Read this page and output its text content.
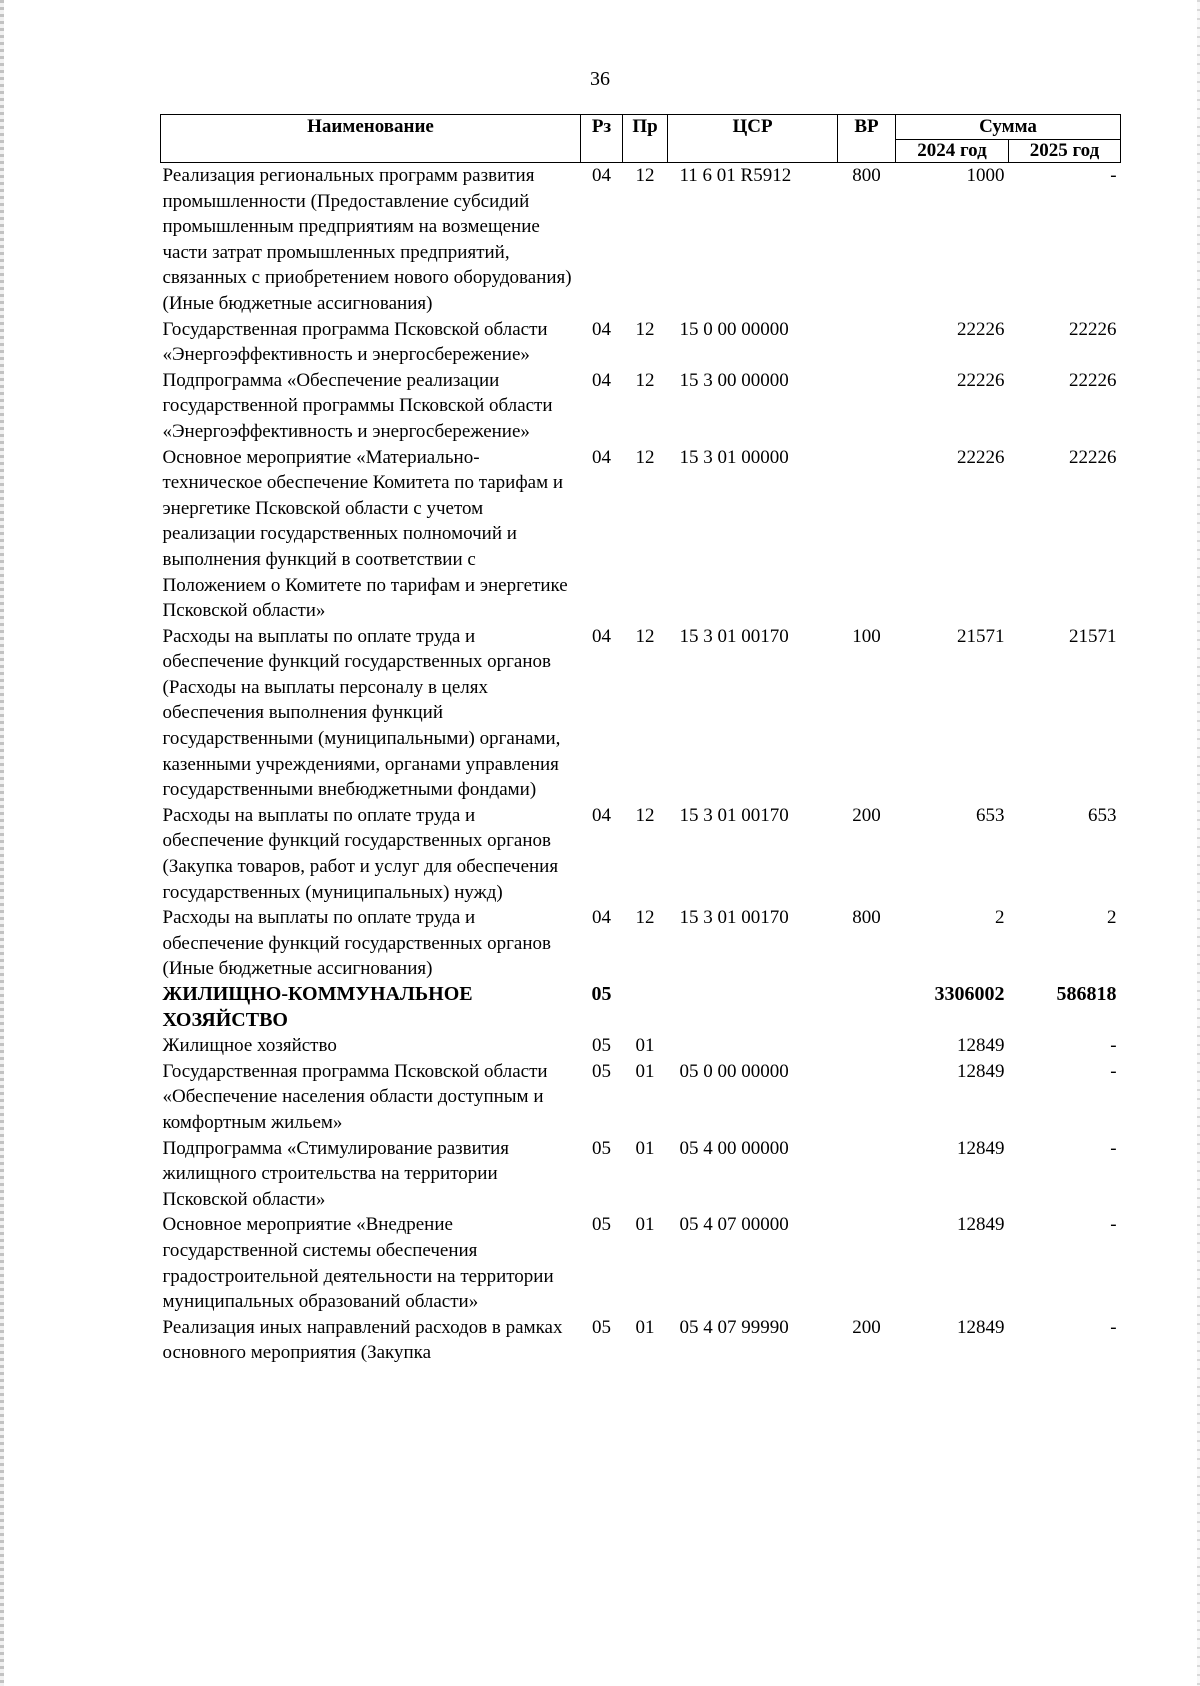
36
Наименование	Рз	Пр	ЦСР	ВР	Сумма	
					2024 год	2025 год
Реализация региональных программ развития промышленности (Предоставление субсидий промышленным предприятиям на возмещение части затрат промышленных предприятий, связанных с приобретением нового оборудования) (Иные бюджетные ассигнования)	04	12	11 6 01 R5912	800	1000	-
Государственная программа Псковской области «Энергоэффективность и энергосбережение»	04	12	15 0 00 00000		22226	22226
Подпрограмма «Обеспечение реализации государственной программы Псковской области «Энергоэффективность и энергосбережение»	04	12	15 3 00 00000		22226	22226
Основное мероприятие «Материально-техническое обеспечение Комитета по тарифам и энергетике Псковской области с учетом реализации государственных полномочий и выполнения функций в соответствии с Положением о Комитете по тарифам и энергетике Псковской области»	04	12	15 3 01 00000		22226	22226
Расходы на выплаты по оплате труда и обеспечение функций государственных органов (Расходы на выплаты персоналу в целях обеспечения выполнения функций государственными (муниципальными) органами, казенными учреждениями, органами управления государственными внебюджетными фондами)	04	12	15 3 01 00170	100	21571	21571
Расходы на выплаты по оплате труда и обеспечение функций государственных органов (Закупка товаров, работ и услуг для обеспечения государственных (муниципальных) нужд)	04	12	15 3 01 00170	200	653	653
Расходы на выплаты по оплате труда и обеспечение функций государственных органов (Иные бюджетные ассигнования)	04	12	15 3 01 00170	800	2	2
ЖИЛИЩНО-КОММУНАЛЬНОЕ ХОЗЯЙСТВО	05				3306002	586818
Жилищное хозяйство	05	01			12849	-
Государственная программа Псковской области «Обеспечение населения области доступным и комфортным жильем»	05	01	05 0 00 00000		12849	-
Подпрограмма «Стимулирование развития жилищного строительства на территории Псковской области»	05	01	05 4 00 00000		12849	-
Основное мероприятие «Внедрение государственной системы обеспечения градостроительной деятельности на территории муниципальных образований области»	05	01	05 4 07 00000		12849	-
Реализация иных направлений расходов в рамках основного мероприятия (Закупка	05	01	05 4 07 99990	200	12849	-
